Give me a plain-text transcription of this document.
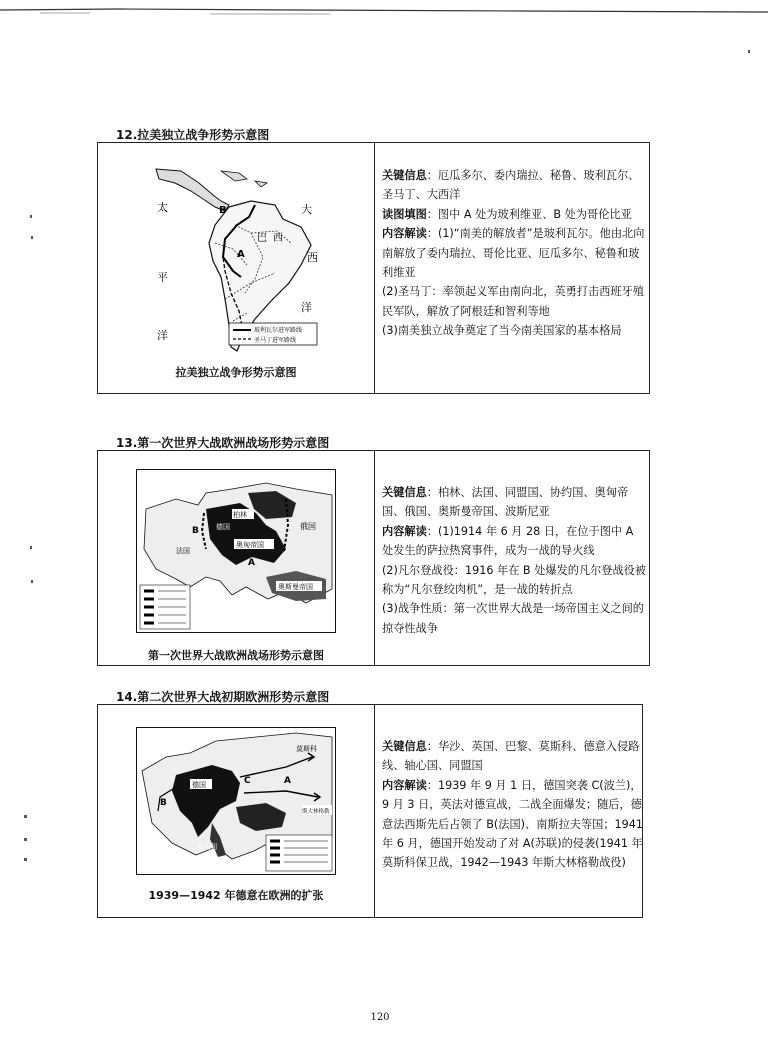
12.拉美独立战争形势示意图
太
平
洋
大
西
洋
巴 西
A
B
玻利瓦尔进军路线
圣马丁进军路线
拉美独立战争形势示意图

关键信息：厄瓜多尔、委内瑞拉、秘鲁、玻利瓦尔、圣马丁、大西洋

读图填图：图中 A 处为玻利维亚、B 处为哥伦比亚

内容解读：(1)“南美的解放者”是玻利瓦尔。他由北向南解放了委内瑞拉、哥伦比亚、厄瓜多尔、秘鲁和玻利维亚

(2)圣马丁：率领起义军由南向北，英勇打击西班牙殖民军队，解放了阿根廷和智利等地

(3)南美独立战争奠定了当今南美国家的基本格局

13.第一次世界大战欧洲战场形势示意图
柏林
德国
奥匈帝国
俄国
法国
奥斯曼帝国
A
B
第一次世界大战欧洲战场形势示意图

关键信息：柏林、法国、同盟国、协约国、奥匈帝国、俄国、奥斯曼帝国、波斯尼亚

内容解读：(1)1914 年 6 月 28 日，在位于图中 A 处发生的萨拉热窝事件，成为一战的导火线

(2)凡尔登战役：1916 年在 B 处爆发的凡尔登战役被称为“凡尔登绞肉机”，是一战的转折点

(3)战争性质：第一次世界大战是一场帝国主义之间的掠夺性战争

14.第二次世界大战初期欧洲形势示意图
德国
意大利
莫斯科
斯大林格勒
A
B
C
1939—1942 年德意在欧洲的扩张

关键信息：华沙、英国、巴黎、莫斯科、德意入侵路线、轴心国、同盟国

内容解读：1939 年 9 月 1 日，德国突袭 C(波兰)，9 月 3 日，英法对德宣战，二战全面爆发；随后，德意法西斯先后占领了 B(法国)、南斯拉夫等国；1941 年 6 月，德国开始发动了对 A(苏联)的侵袭(1941 年莫斯科保卫战，1942—1943 年斯大林格勒战役)

120
